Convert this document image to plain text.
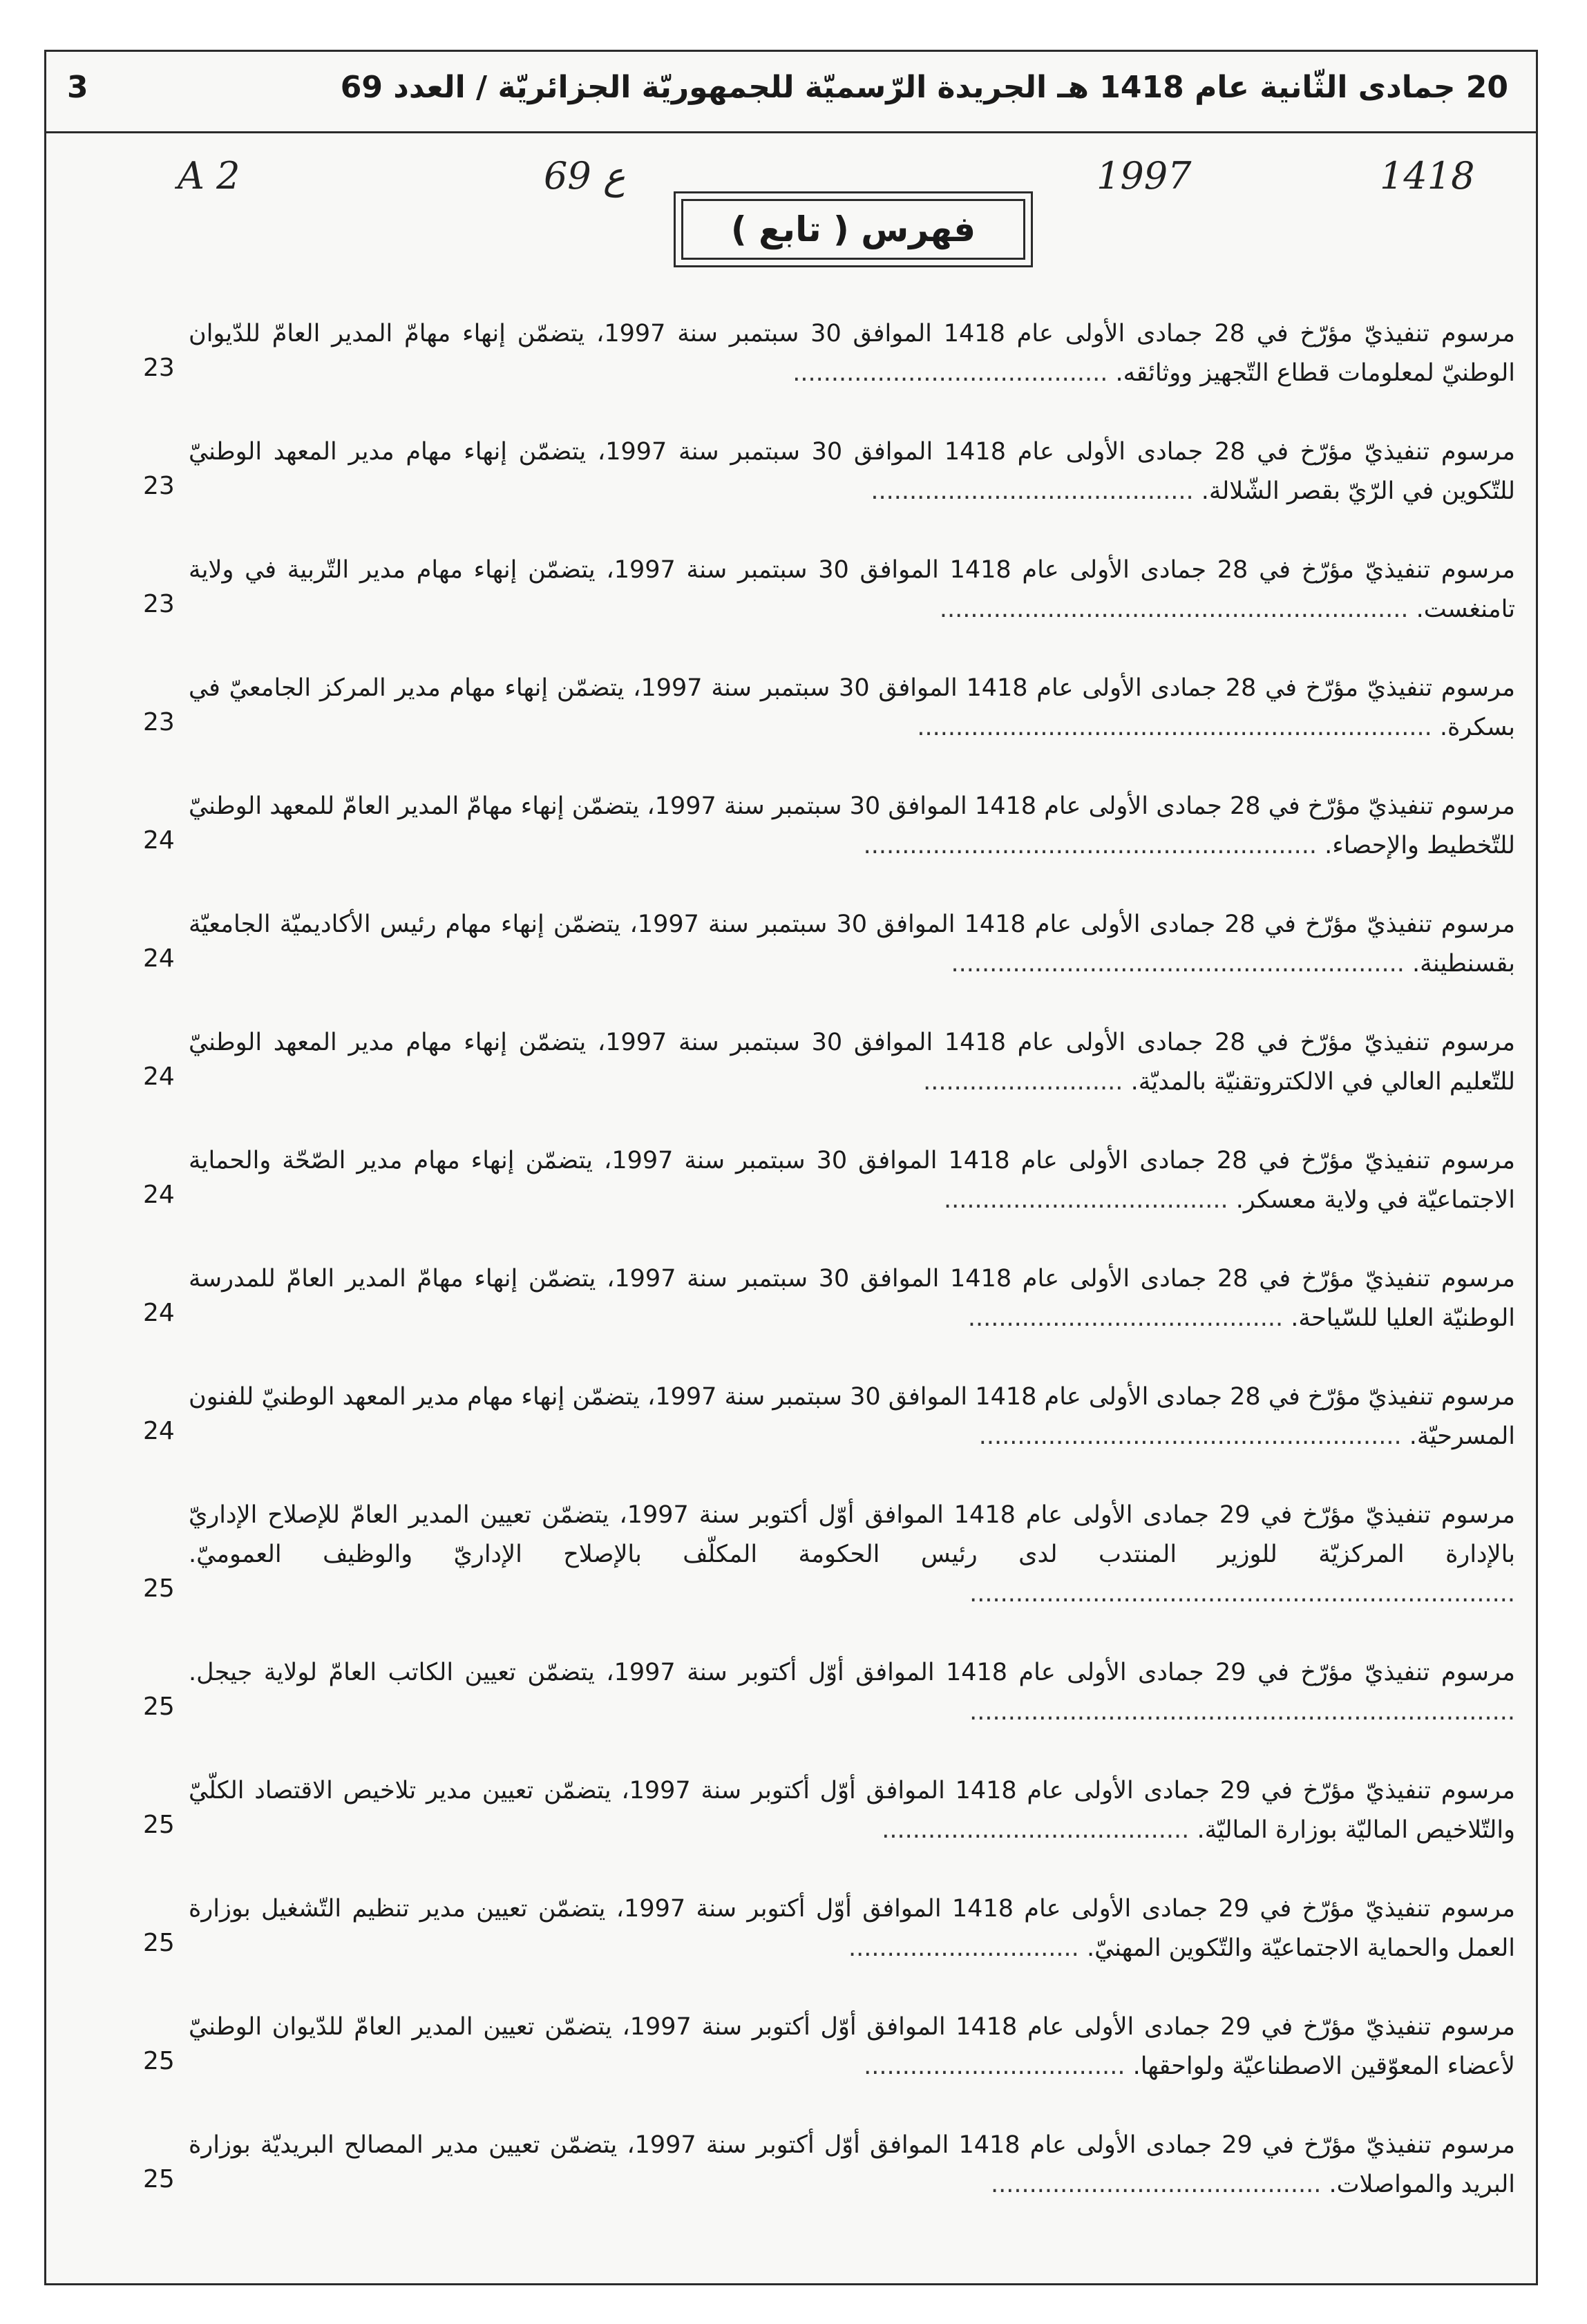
20 جمادى الثّانية عام 1418 هـ الجريدة الرّسميّة للجمهوريّة الجزائريّة / العدد 69
3
A 2	69 ع	1997	1418
فهرس ( تابع )
مرسوم تنفيذيّ مؤرّخ في 28 جمادى الأولى عام 1418 الموافق 30 سبتمبر سنة 1997، يتضمّن إنهاء مهامّ المدير العامّ للدّيوان الوطنيّ لمعلومات قطاع التّجهيز ووثائقه. .........................................
23
مرسوم تنفيذيّ مؤرّخ في 28 جمادى الأولى عام 1418 الموافق 30 سبتمبر سنة 1997، يتضمّن إنهاء مهام مدير المعهد الوطنيّ للتّكوين في الرّيّ بقصر الشّلالة. ..........................................
23
مرسوم تنفيذيّ مؤرّخ في 28 جمادى الأولى عام 1418 الموافق 30 سبتمبر سنة 1997، يتضمّن إنهاء مهام مدير التّربية في ولاية تامنغست. .............................................................
23
مرسوم تنفيذيّ مؤرّخ في 28 جمادى الأولى عام 1418 الموافق 30 سبتمبر سنة 1997، يتضمّن إنهاء مهام مدير المركز الجامعيّ في بسكرة. ...................................................................
23
مرسوم تنفيذيّ مؤرّخ في 28 جمادى الأولى عام 1418 الموافق 30 سبتمبر سنة 1997، يتضمّن إنهاء مهامّ المدير العامّ للمعهد الوطنيّ للتّخطيط والإحصاء. ...........................................................
24
مرسوم تنفيذيّ مؤرّخ في 28 جمادى الأولى عام 1418 الموافق 30 سبتمبر سنة 1997، يتضمّن إنهاء مهام رئيس الأكاديميّة الجامعيّة بقسنطينة. ...........................................................
24
مرسوم تنفيذيّ مؤرّخ في 28 جمادى الأولى عام 1418 الموافق 30 سبتمبر سنة 1997، يتضمّن إنهاء مهام مدير المعهد الوطنيّ للتّعليم العالي في الالكتروتقنيّة بالمديّة. ..........................
24
مرسوم تنفيذيّ مؤرّخ في 28 جمادى الأولى عام 1418 الموافق 30 سبتمبر سنة 1997، يتضمّن إنهاء مهام مدير الصّحّة والحماية الاجتماعيّة في ولاية معسكر. .....................................
24
مرسوم تنفيذيّ مؤرّخ في 28 جمادى الأولى عام 1418 الموافق 30 سبتمبر سنة 1997، يتضمّن إنهاء مهامّ المدير العامّ للمدرسة الوطنيّة العليا للسّياحة. .........................................
24
مرسوم تنفيذيّ مؤرّخ في 28 جمادى الأولى عام 1418 الموافق 30 سبتمبر سنة 1997، يتضمّن إنهاء مهام مدير المعهد الوطنيّ للفنون المسرحيّة. .......................................................
24
مرسوم تنفيذيّ مؤرّخ في 29 جمادى الأولى عام 1418 الموافق أوّل أكتوبر سنة 1997، يتضمّن تعيين المدير العامّ للإصلاح الإداريّ بالإدارة المركزيّة للوزير المنتدب لدى رئيس الحكومة المكلّف بالإصلاح الإداريّ والوظيف العموميّ. .......................................................................
25
مرسوم تنفيذيّ مؤرّخ في 29 جمادى الأولى عام 1418 الموافق أوّل أكتوبر سنة 1997، يتضمّن تعيين الكاتب العامّ لولاية جيجل. .......................................................................
25
مرسوم تنفيذيّ مؤرّخ في 29 جمادى الأولى عام 1418 الموافق أوّل أكتوبر سنة 1997، يتضمّن تعيين مدير تلاخيص الاقتصاد الكلّيّ والتّلاخيص الماليّة بوزارة الماليّة. ........................................
25
مرسوم تنفيذيّ مؤرّخ في 29 جمادى الأولى عام 1418 الموافق أوّل أكتوبر سنة 1997، يتضمّن تعيين مدير تنظيم التّشغيل بوزارة العمل والحماية الاجتماعيّة والتّكوين المهنيّ. ..............................
25
مرسوم تنفيذيّ مؤرّخ في 29 جمادى الأولى عام 1418 الموافق أوّل أكتوبر سنة 1997، يتضمّن تعيين المدير العامّ للدّيوان الوطنيّ لأعضاء المعوّقين الاصطناعيّة ولواحقها. ..................................
25
مرسوم تنفيذيّ مؤرّخ في 29 جمادى الأولى عام 1418 الموافق أوّل أكتوبر سنة 1997، يتضمّن تعيين مدير المصالح البريديّة بوزارة البريد والمواصلات. ...........................................
25
